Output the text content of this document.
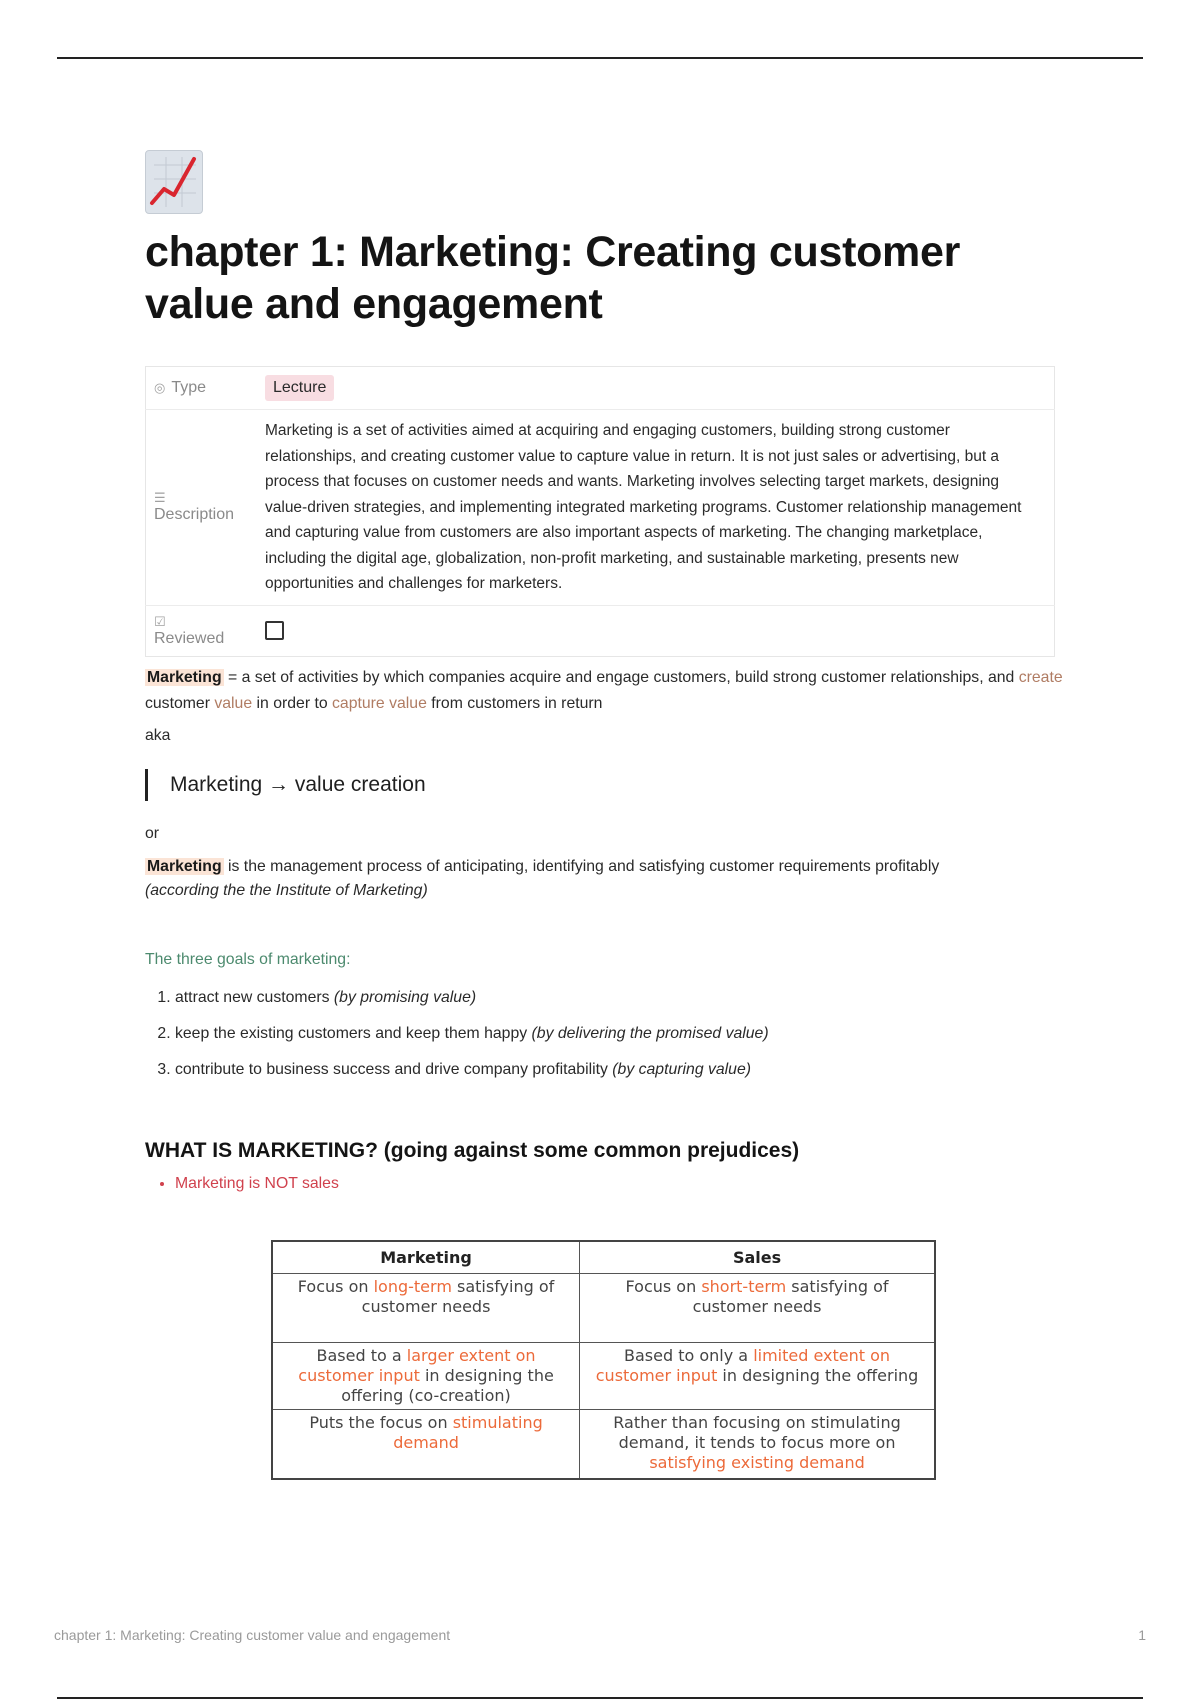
chapter 1: Marketing: Creating customer value and engagement
◎ Type	Lecture

☰
Description	Marketing is a set of activities aimed at acquiring and engaging customers, building strong customer relationships, and creating customer value to capture value in return. It is not just sales or advertising, but a process that focuses on customer needs and wants. Marketing involves selecting target markets, designing value-driven strategies, and implementing integrated marketing programs. Customer relationship management and capturing value from customers are also important aspects of marketing. The changing marketplace, including the digital age, globalization, non-profit marketing, and sustainable marketing, presents new opportunities and challenges for marketers.

☑
Reviewed	

Marketing = a set of activities by which companies acquire and engage customers, build strong customer relationships, and create customer value in order to capture value from customers in return

aka

Marketing → value creation

or

Marketing is the management process of anticipating, identifying and satisfying customer requirements profitably
(according the the Institute of Marketing)

The three goals of marketing:

1. attract new customers (by promising value)
2. keep the existing customers and keep them happy (by delivering the promised value)
3. contribute to business success and drive company profitability (by capturing value)
WHAT IS MARKETING? (going against some common prejudices)
• Marketing is NOT sales
Marketing	Sales
Focus on long-term satisfying of customer needs	Focus on short-term satisfying of customer needs
Based to a larger extent on customer input in designing the offering (co-creation)	Based to only a limited extent on customer input in designing the offering
Puts the focus on stimulating demand	Rather than focusing on stimulating demand, it tends to focus more on satisfying existing demand
chapter 1: Marketing: Creating customer value and engagement	1
